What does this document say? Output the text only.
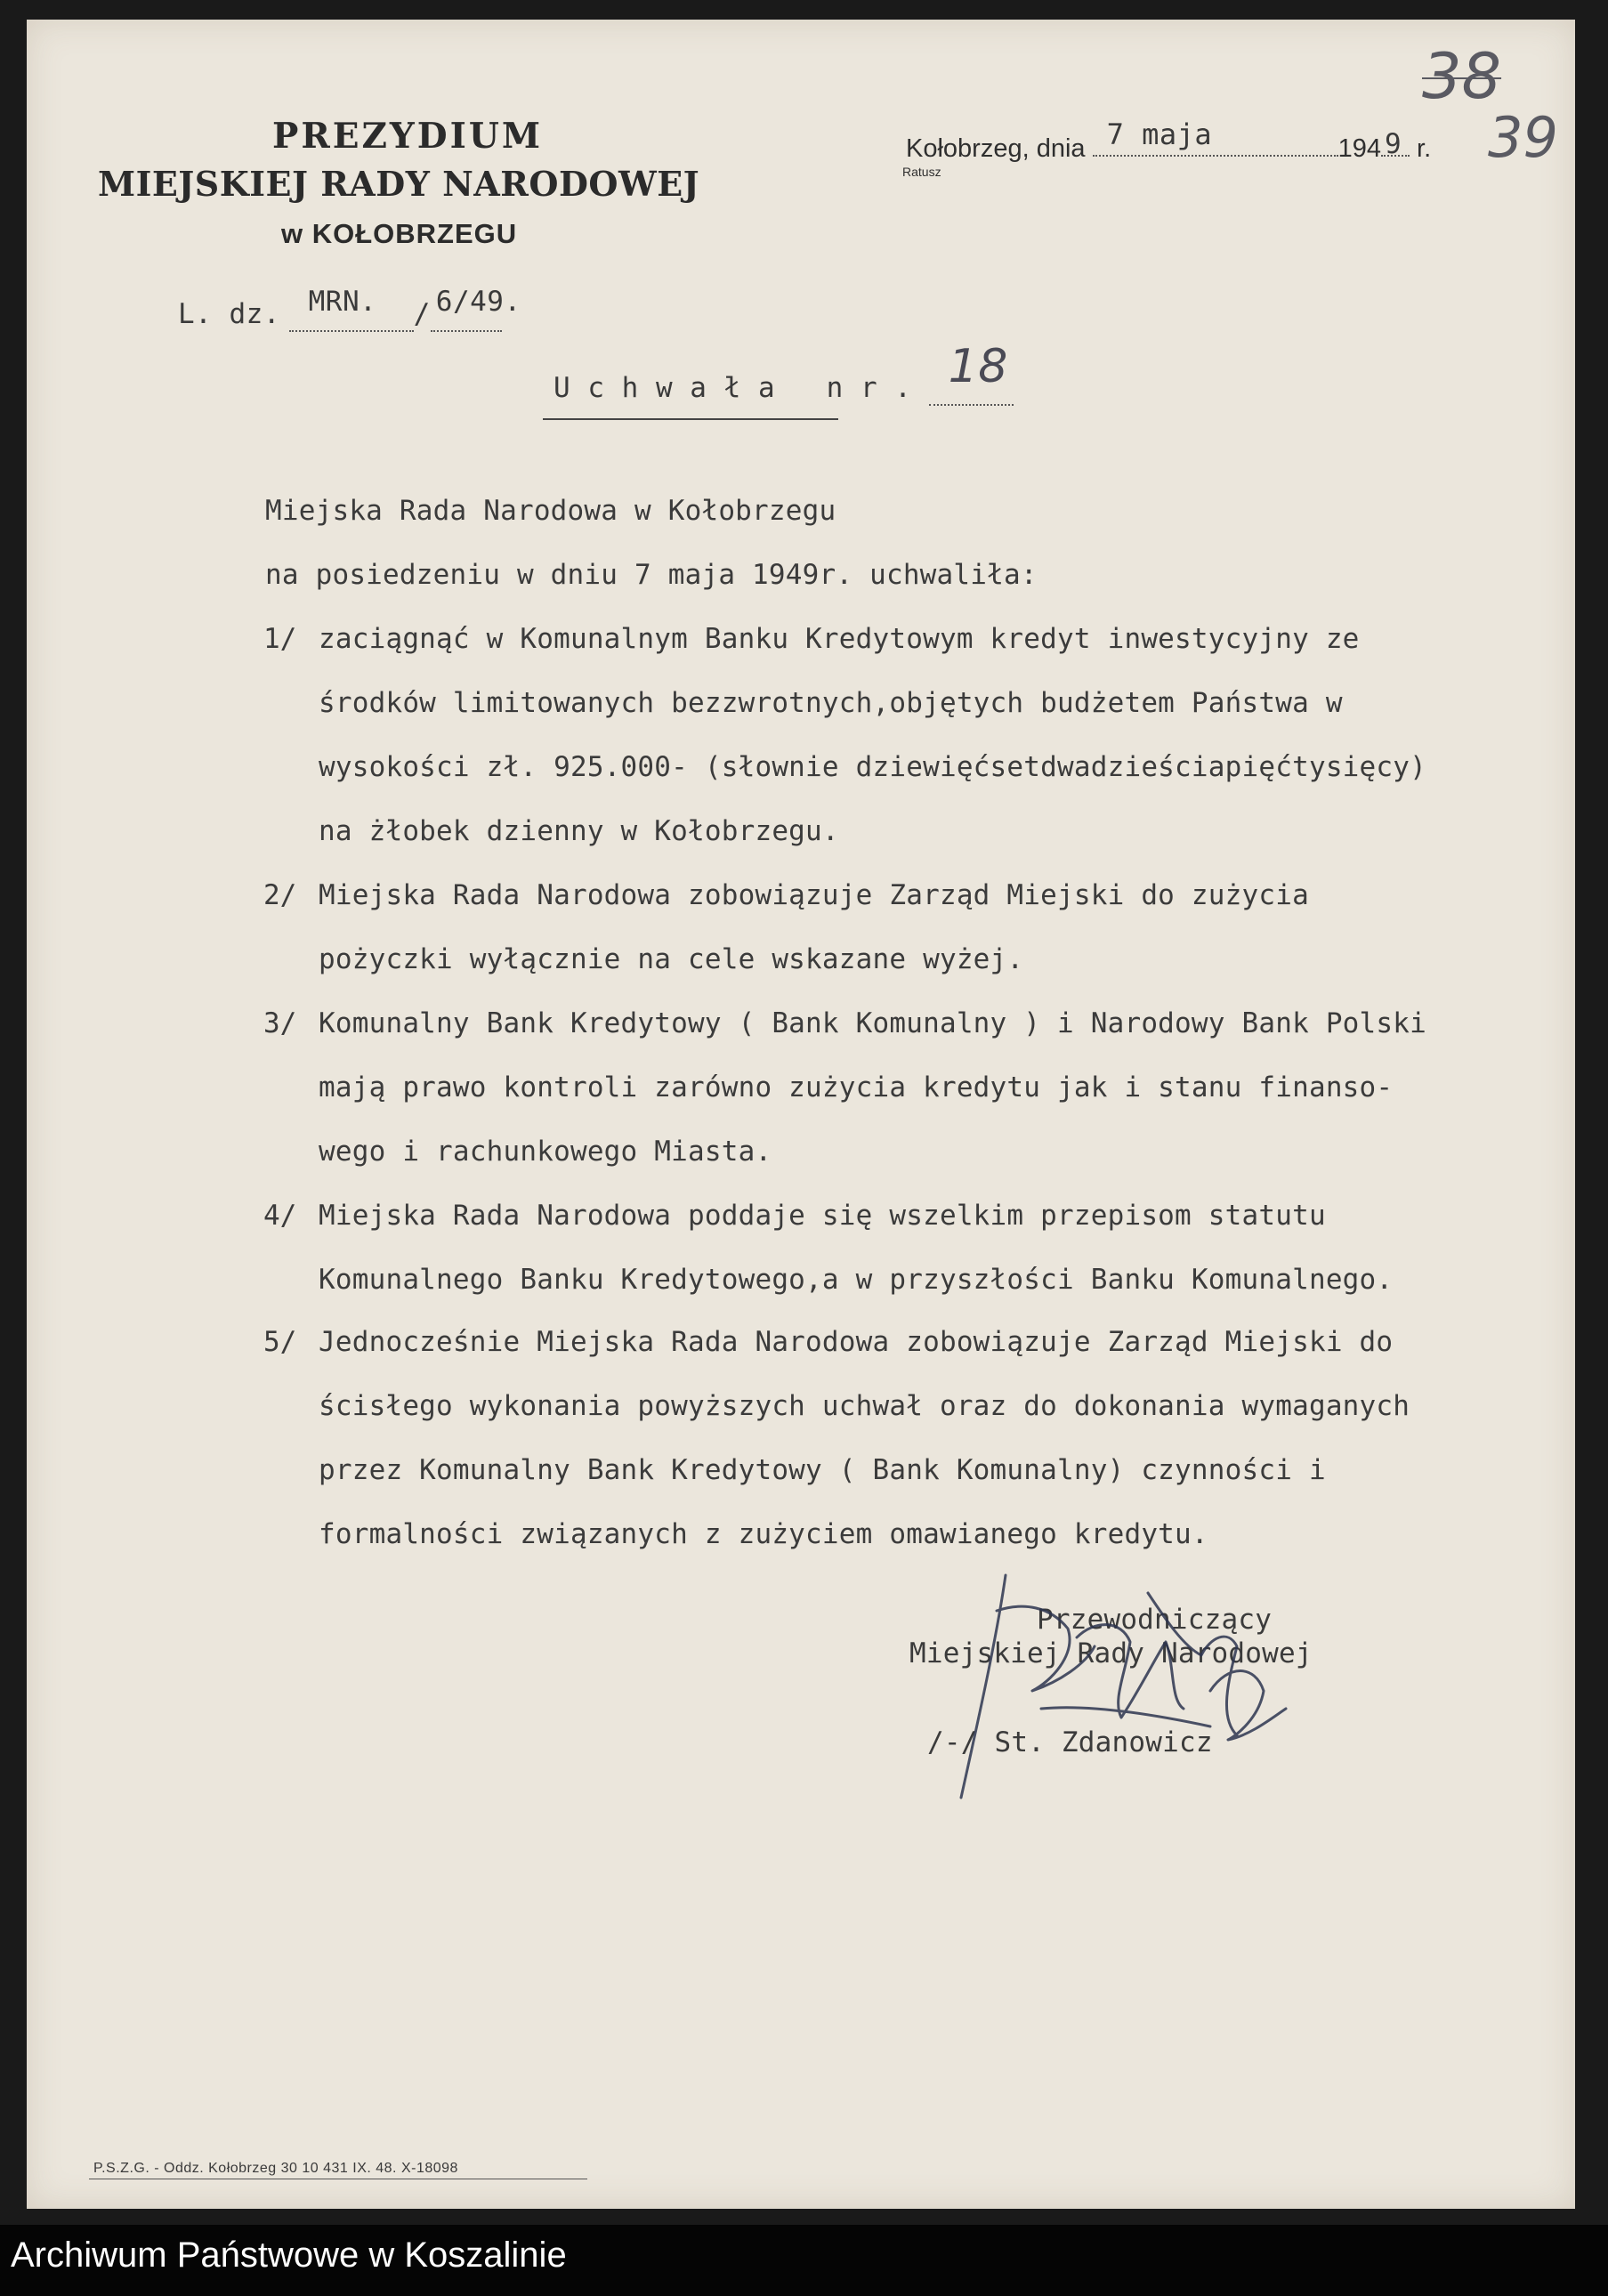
PREZYDIUM
MIEJSKIEJ RADY NARODOWEJ
w KOŁOBRZEGU
L. dz. MRN. / 6/49.

Kołobrzeg, dnia 7 maja	194 9 r.
Ratusz
38
39
U c h w a ł a   n r . 18

Miejska Rada Narodowa w Kołobrzegu
na posiedzeniu w dniu 7 maja 1949r. uchwaliła:
1/ zaciągnąć w Komunalnym Banku Kredytowym kredyt inwestycyjny ze
środków limitowanych bezzwrotnych,objętych budżetem Państwa w
wysokości zł. 925.000- (słownie dziewięćsetdwadzieściapięćtysięcy)
na żłobek dzienny w Kołobrzegu.
2/ Miejska Rada Narodowa zobowiązuje Zarząd Miejski do zużycia
pożyczki wyłącznie na cele wskazane wyżej.
3/ Komunalny Bank Kredytowy ( Bank Komunalny ) i Narodowy Bank Polski
mają prawo kontroli zarówno zużycia kredytu jak i stanu finanso-
wego i rachunkowego Miasta.
4/ Miejska Rada Narodowa poddaje się wszelkim przepisom statutu
Komunalnego Banku Kredytowego,a w przyszłości Banku Komunalnego.
5/ Jednocześnie Miejska Rada Narodowa zobowiązuje Zarząd Miejski do
ścisłego wykonania powyższych uchwał oraz do dokonania wymaganych
przez Komunalny Bank Kredytowy ( Bank Komunalny) czynności i
formalności związanych z zużyciem omawianego kredytu.
Przewodniczący
Miejskiej Rady Narodowej
/-/ St. Zdanowicz
P.S.Z.G. - Oddz. Kołobrzeg 30 10 431 IX. 48. X-18098
Archiwum Państwowe w Koszalinie
